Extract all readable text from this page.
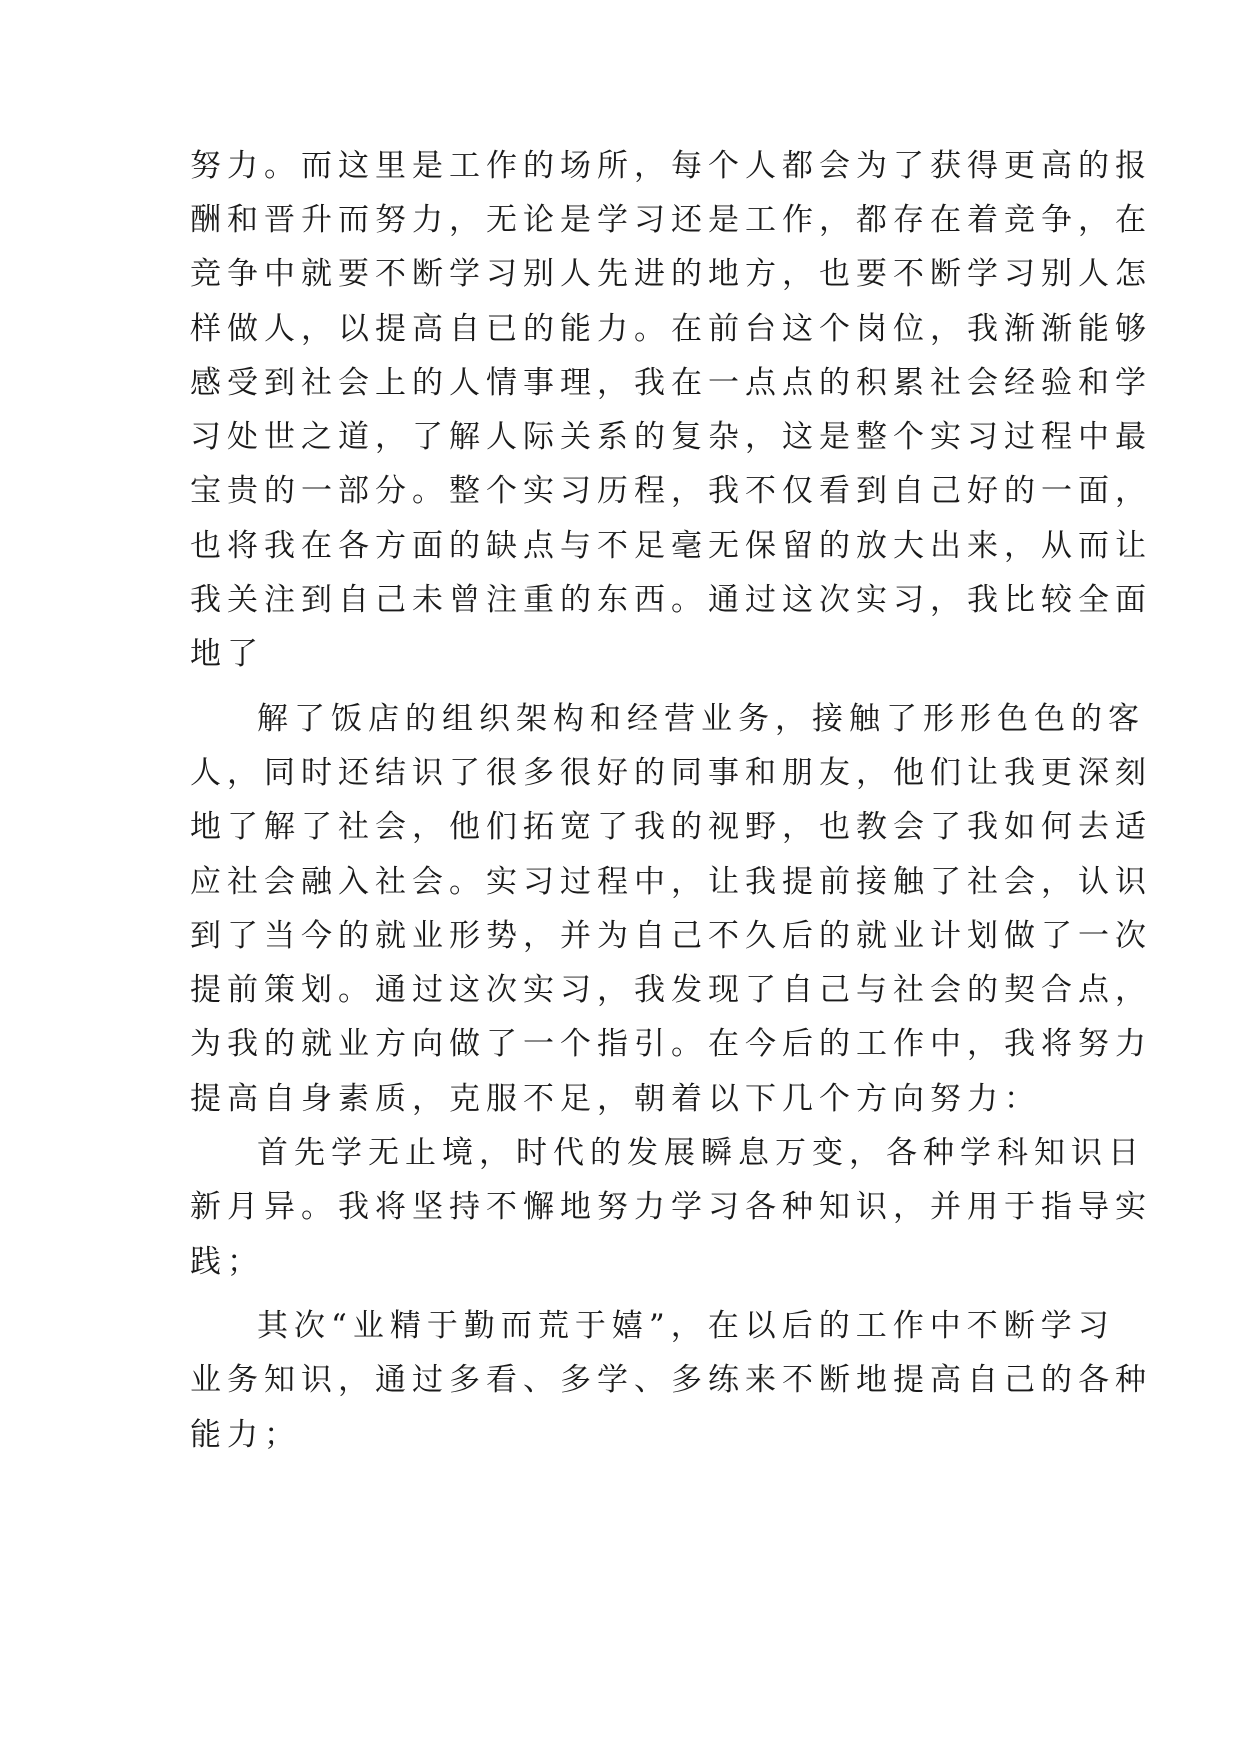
努力。而这里是工作的场所，每个人都会为了获得更高的报
酬和晋升而努力，无论是学习还是工作，都存在着竞争，在
竞争中就要不断学习别人先进的地方，也要不断学习别人怎
样做人，以提高自已的能力。在前台这个岗位，我渐渐能够
感受到社会上的人情事理，我在一点点的积累社会经验和学
习处世之道，了解人际关系的复杂，这是整个实习过程中最
宝贵的一部分。整个实习历程，我不仅看到自己好的一面，
也将我在各方面的缺点与不足毫无保留的放大出来，从而让
我关注到自己未曾注重的东西。通过这次实习，我比较全面
地了
解了饭店的组织架构和经营业务，接触了形形色色的客
人，同时还结识了很多很好的同事和朋友，他们让我更深刻
地了解了社会，他们拓宽了我的视野，也教会了我如何去适
应社会融入社会。实习过程中，让我提前接触了社会，认识
到了当今的就业形势，并为自己不久后的就业计划做了一次
提前策划。通过这次实习，我发现了自己与社会的契合点，
为我的就业方向做了一个指引。在今后的工作中，我将努力
提高自身素质，克服不足，朝着以下几个方向努力：
首先学无止境，时代的发展瞬息万变，各种学科知识日
新月异。我将坚持不懈地努力学习各种知识，并用于指导实
践；
其次“业精于勤而荒于嬉”，在以后的工作中不断学习
业务知识，通过多看、多学、多练来不断地提高自己的各种
能力；
